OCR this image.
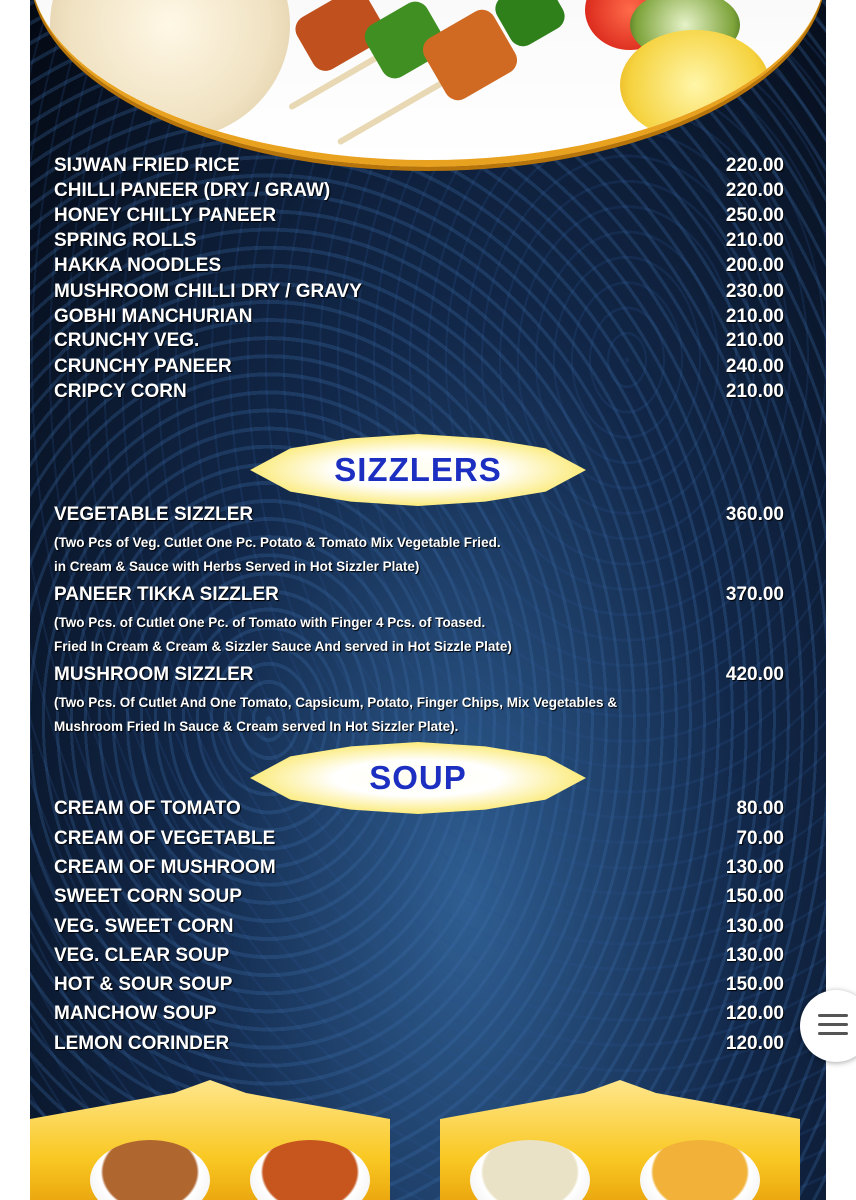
SIJWAN FRIED RICE	220.00
CHILLI PANEER (DRY / GRAW)	220.00
HONEY CHILLY PANEER	250.00
SPRING ROLLS	210.00
HAKKA NOODLES	200.00
MUSHROOM CHILLI DRY / GRAVY	230.00
GOBHI MANCHURIAN	210.00
CRUNCHY VEG.	210.00
CRUNCHY PANEER	240.00
CRIPCY CORN	210.00
SIZZLERS
VEGETABLE SIZZLER	360.00
(Two Pcs of Veg. Cutlet One Pc. Potato & Tomato Mix Vegetable Fried.
in Cream & Sauce with Herbs Served in Hot Sizzler Plate)
PANEER TIKKA SIZZLER	370.00
(Two Pcs. of Cutlet One Pc. of Tomato with Finger 4 Pcs. of Toased.
Fried In Cream & Cream & Sizzler Sauce And served in Hot Sizzle Plate)
MUSHROOM SIZZLER	420.00
(Two Pcs. Of Cutlet And One Tomato, Capsicum, Potato, Finger Chips, Mix Vegetables &
Mushroom Fried In Sauce & Cream served In Hot Sizzler Plate).
SOUP
CREAM OF TOMATO	80.00
CREAM OF VEGETABLE	70.00
CREAM OF MUSHROOM	130.00
SWEET CORN SOUP	150.00
VEG. SWEET CORN	130.00
VEG. CLEAR SOUP	130.00
HOT & SOUR SOUP	150.00
MANCHOW SOUP	120.00
LEMON CORINDER	120.00
